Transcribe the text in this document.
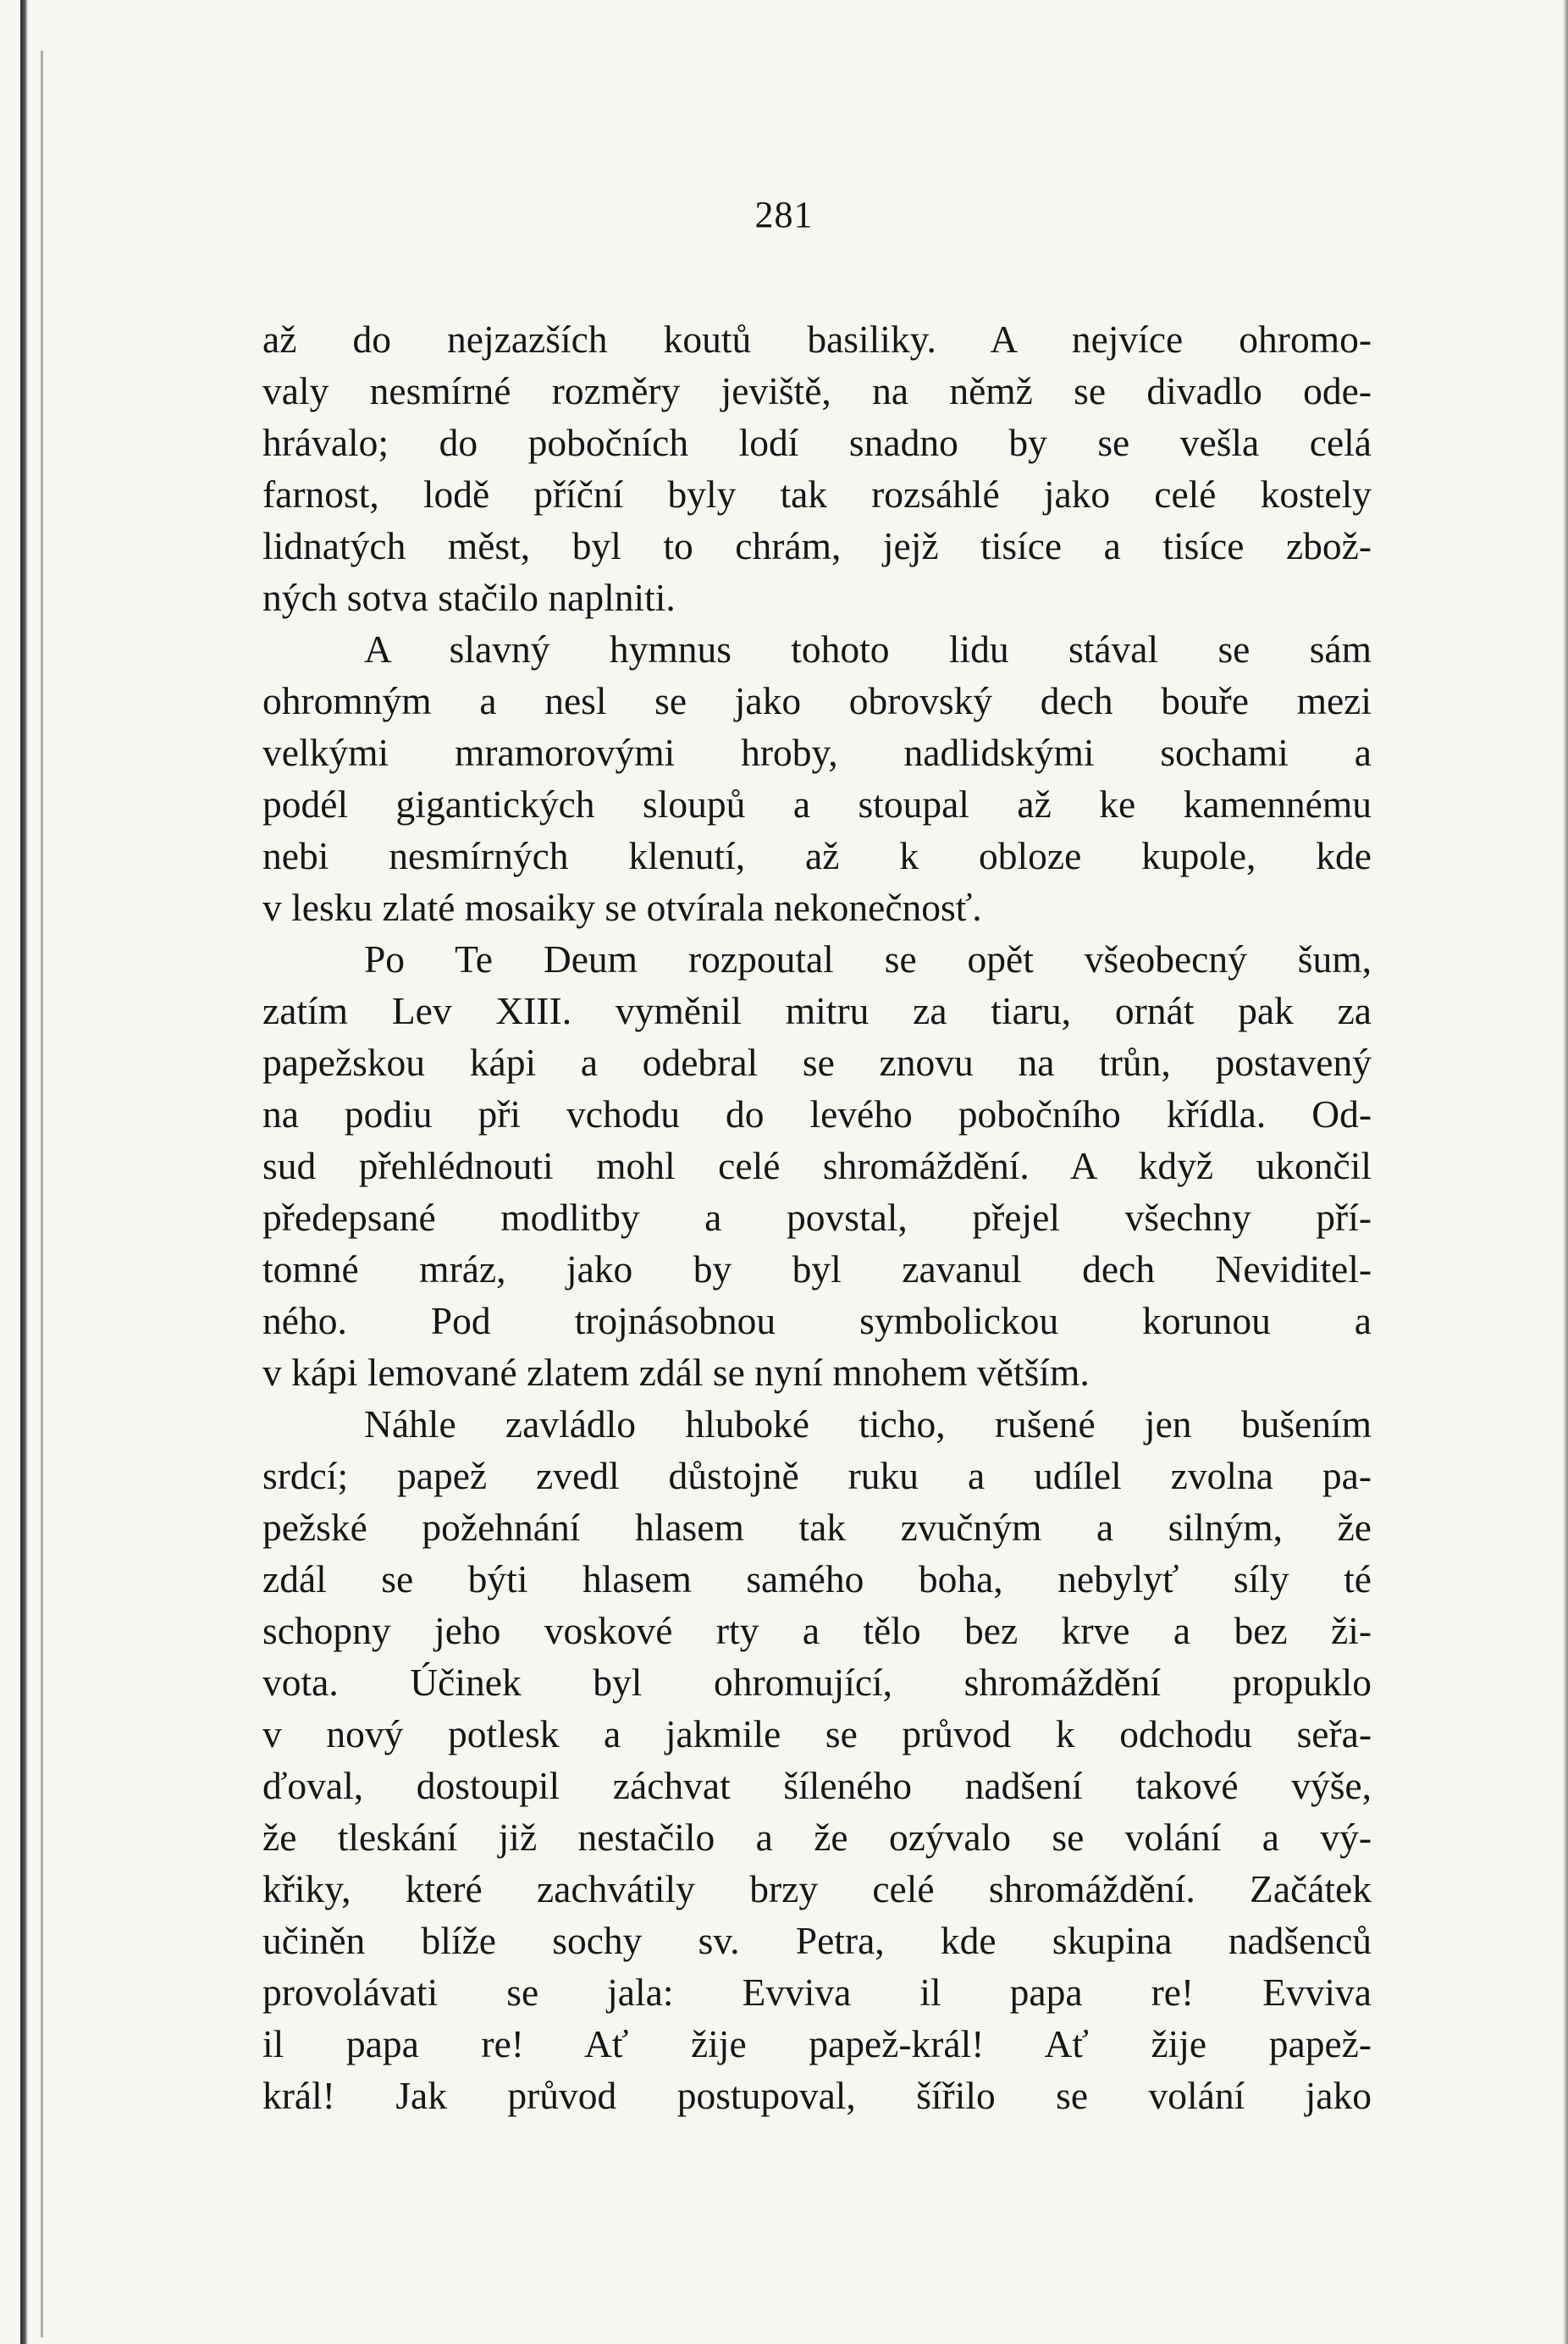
281
až do nejzazších koutů basiliky. A nejvíce ohromo-
valy nesmírné rozměry jeviště, na němž se divadlo ode-
hrávalo; do pobočních lodí snadno by se vešla celá
farnost, lodě příční byly tak rozsáhlé jako celé kostely
lidnatých měst, byl to chrám, jejž tisíce a tisíce zbož-
ných sotva stačilo naplniti.
A slavný hymnus tohoto lidu stával se sám
ohromným a nesl se jako obrovský dech bouře mezi
velkými mramorovými hroby, nadlidskými sochami a
podél gigantických sloupů a stoupal až ke kamennému
nebi nesmírných klenutí, až k obloze kupole, kde
v lesku zlaté mosaiky se otvírala nekonečnosť.
Po Te Deum rozpoutal se opět všeobecný šum,
zatím Lev XIII. vyměnil mitru za tiaru, ornát pak za
papežskou kápi a odebral se znovu na trůn, postavený
na podiu při vchodu do levého pobočního křídla. Od-
sud přehlédnouti mohl celé shromáždění. A když ukončil
předepsané modlitby a povstal, přejel všechny pří-
tomné mráz, jako by byl zavanul dech Neviditel-
ného. Pod trojnásobnou symbolickou korunou a
v kápi lemované zlatem zdál se nyní mnohem větším.
Náhle zavládlo hluboké ticho, rušené jen bušením
srdcí; papež zvedl důstojně ruku a udílel zvolna pa-
pežské požehnání hlasem tak zvučným a silným, že
zdál se býti hlasem samého boha, nebylyť síly té
schopny jeho voskové rty a tělo bez krve a bez ži-
vota. Účinek byl ohromující, shromáždění propuklo
v nový potlesk a jakmile se průvod k odchodu seřa-
ďoval, dostoupil záchvat šíleného nadšení takové výše,
že tleskání již nestačilo a že ozývalo se volání a vý-
křiky, které zachvátily brzy celé shromáždění. Začátek
učiněn blíže sochy sv. Petra, kde skupina nadšenců
provolávati se jala: Evviva il papa re! Evviva
il papa re! Ať žije papež-král! Ať žije papež-
král! Jak průvod postupoval, šířilo se volání jako
